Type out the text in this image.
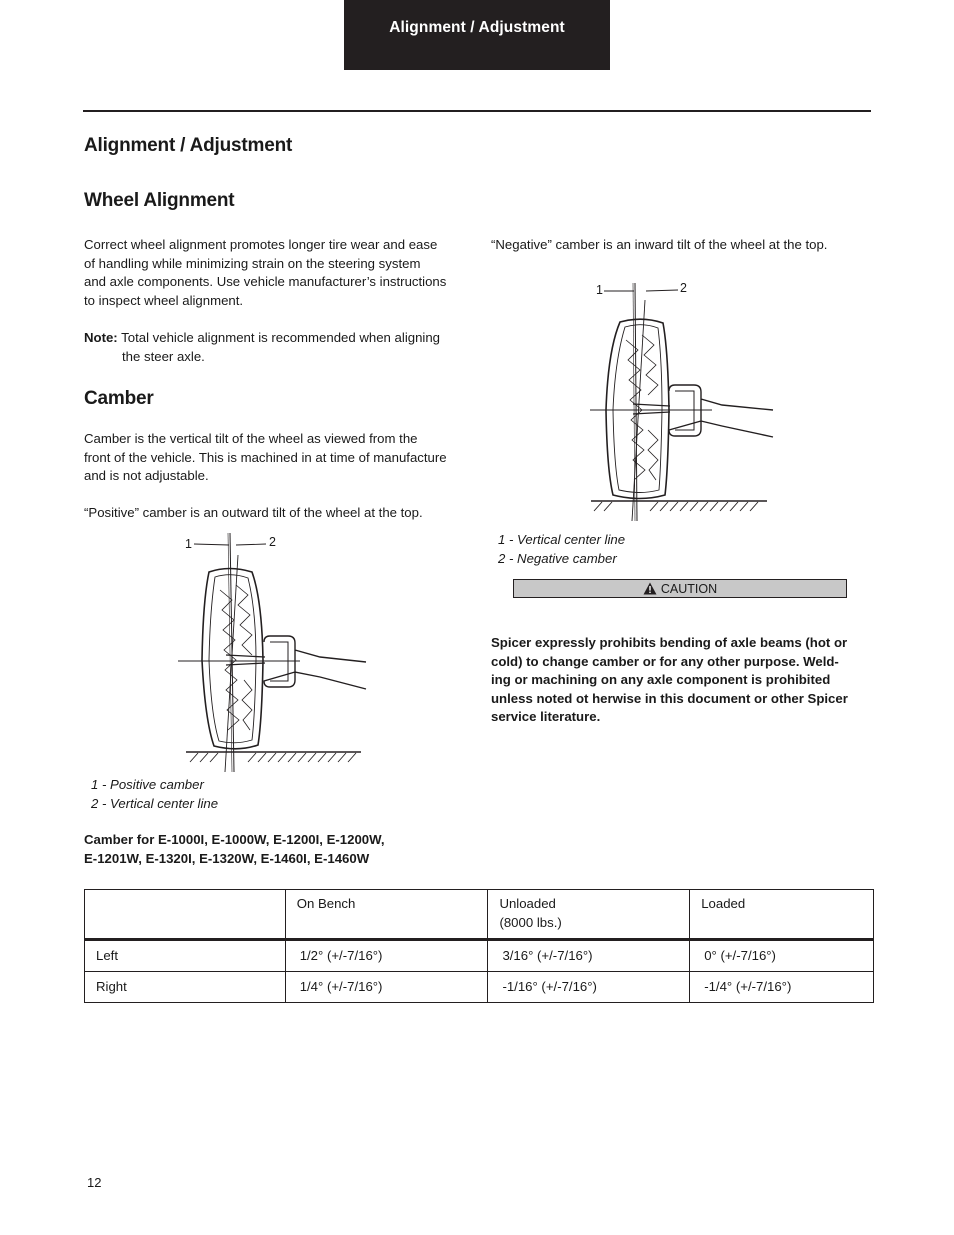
Alignment / Adjustment
Alignment / Adjustment
Wheel Alignment
Correct wheel alignment promotes longer tire wear and ease
of handling while minimizing strain on the steering system
and axle components. Use vehicle manufacturer’s instructions
to inspect wheel alignment.
Note: Total vehicle alignment is recommended when aligning
the steer axle.
Camber
Camber is the vertical tilt of the wheel as viewed from the
front of the vehicle. This is machined in at time of manufacture
and is not adjustable.
“Positive” camber is an outward tilt of the wheel at the top.
1	2
1 - Positive camber
2 - Vertical center line
Camber for E-1000I, E-1000W, E-1200I, E-1200W,
E-1201W, E-1320I, E-1320W, E-1460I, E-1460W
	On Bench	Unloaded
(8000 lbs.)	Loaded
Left	1/2° (+/-7/16°)	3/16° (+/-7/16°)	0° (+/-7/16°)
Right	1/4° (+/-7/16°)	-1/16° (+/-7/16°)	-1/4° (+/-7/16°)
“Negative” camber is an inward tilt of the wheel at the top.
1	2
1 - Vertical center line
2 - Negative camber
CAUTION
Spicer expressly prohibits bending of axle beams (hot or
cold) to change camber or for any other purpose. Weld-
ing or machining on any axle component is prohibited
unless noted ot herwise in this document or other Spicer
service literature.
12
